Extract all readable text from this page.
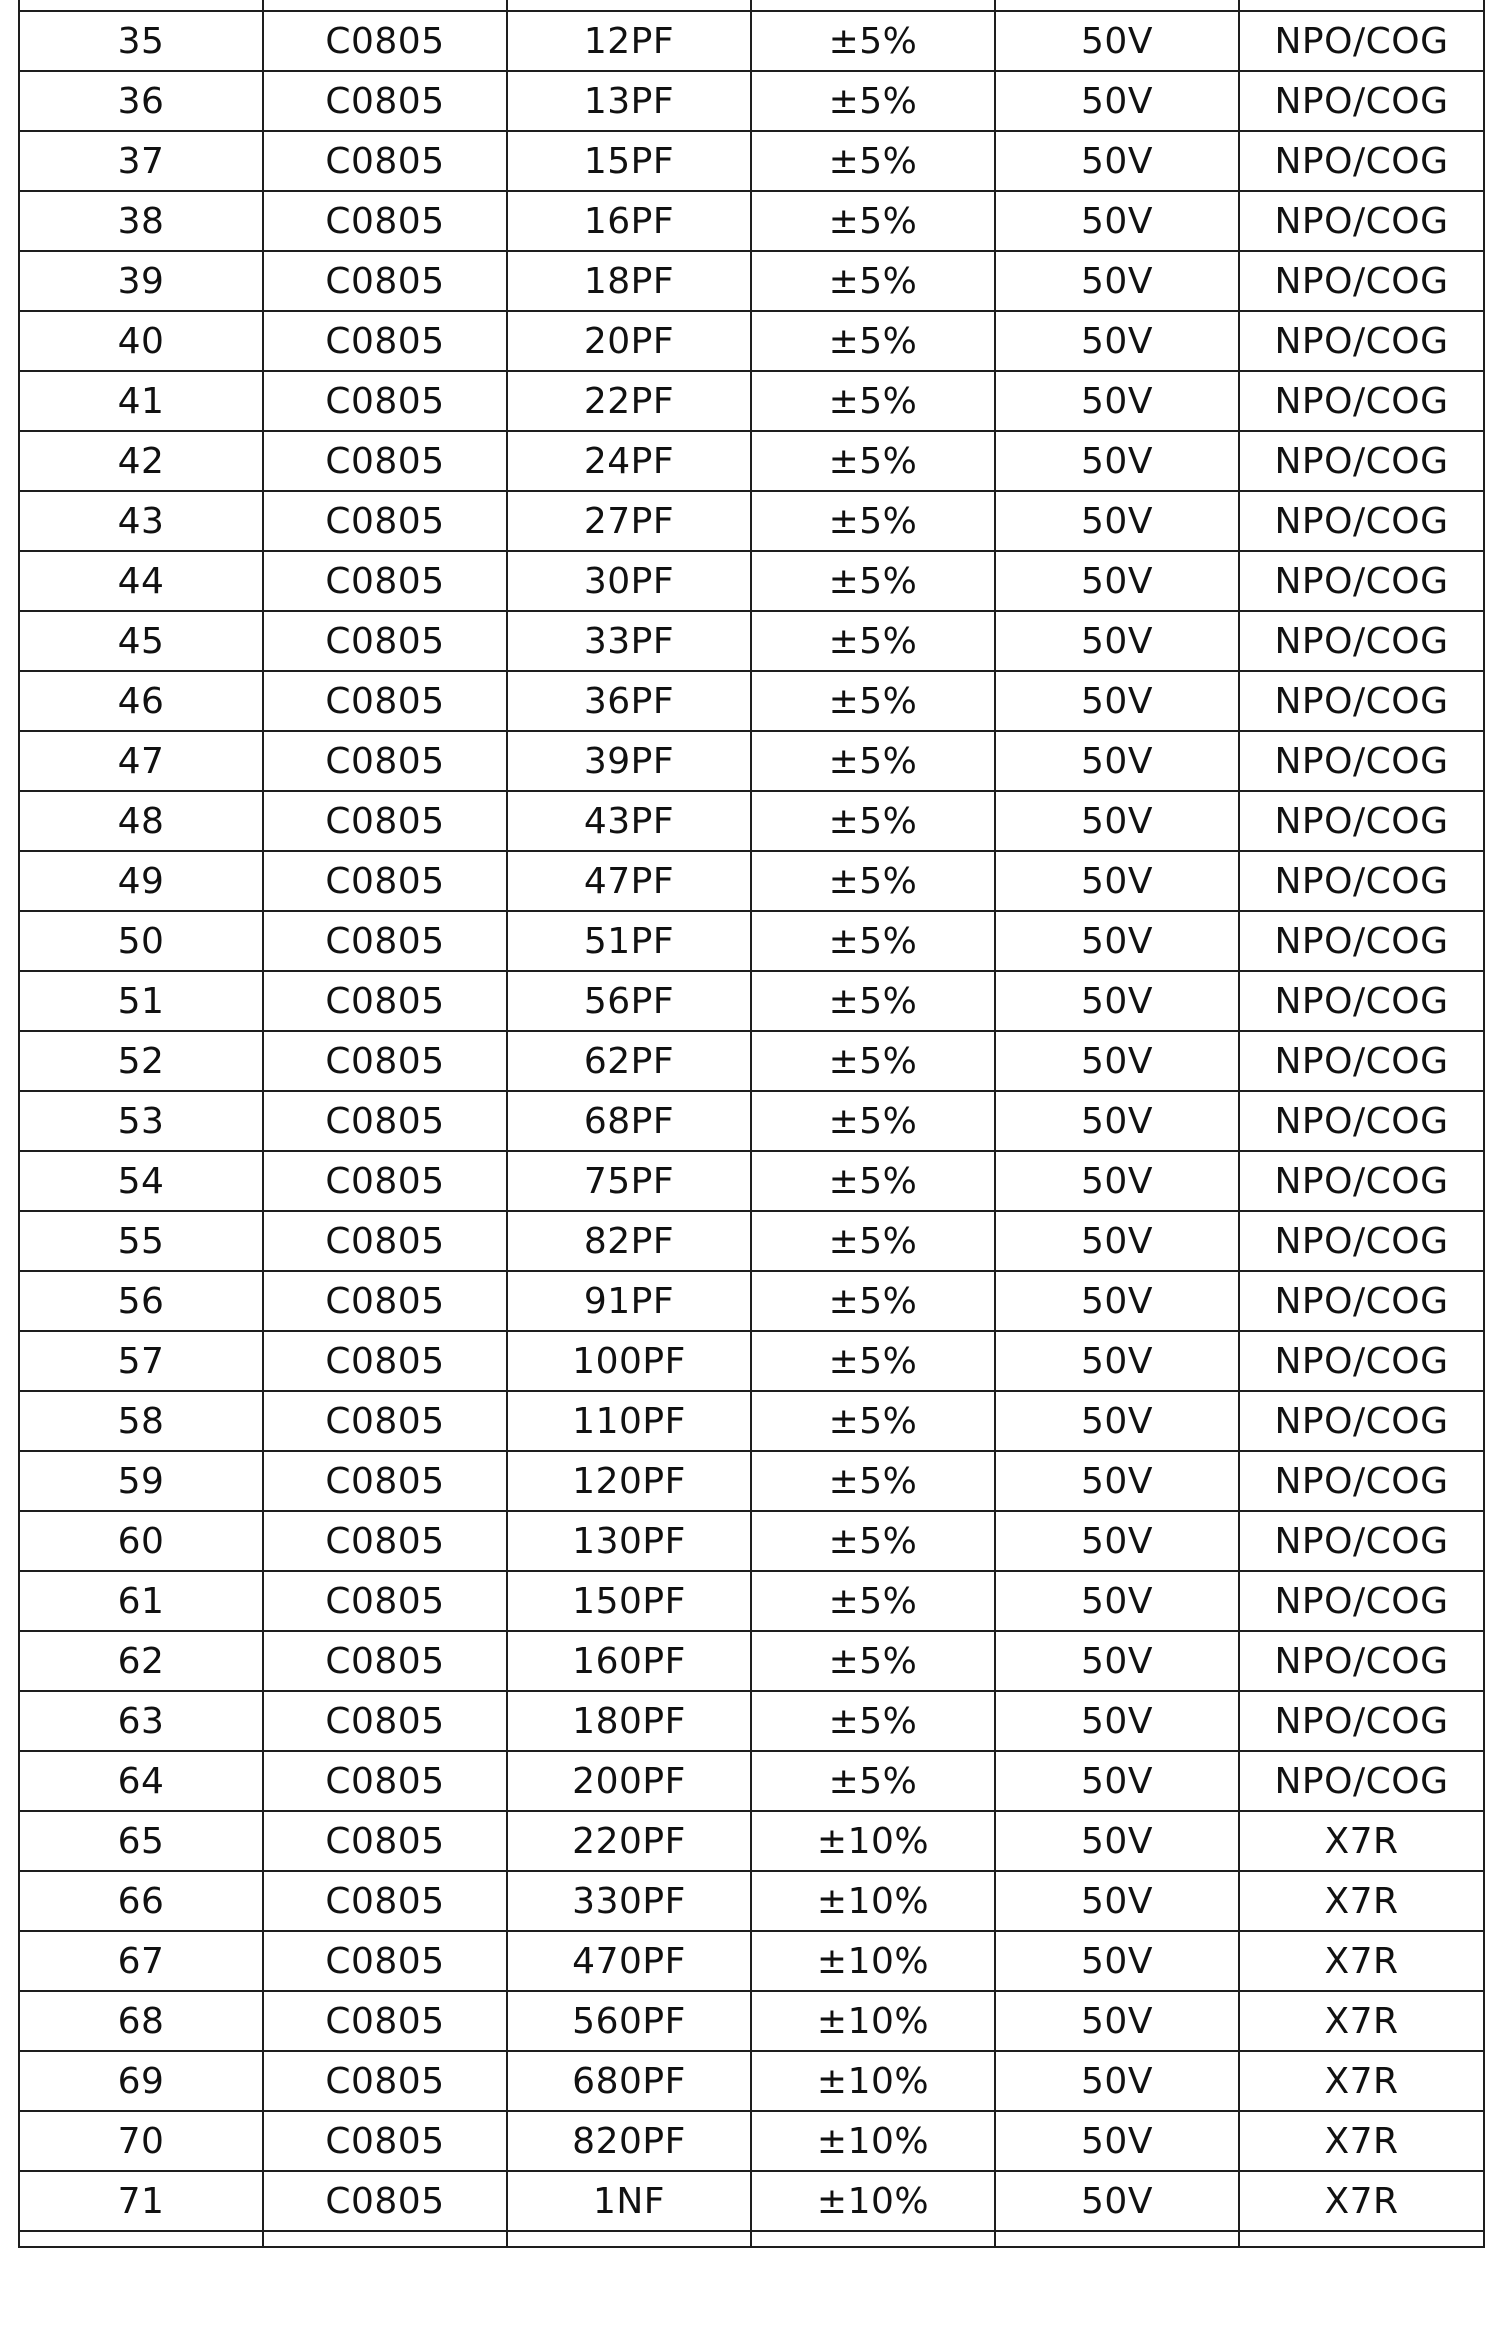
35	C0805	12PF	±5%	50V	NPO/COG
36	C0805	13PF	±5%	50V	NPO/COG
37	C0805	15PF	±5%	50V	NPO/COG
38	C0805	16PF	±5%	50V	NPO/COG
39	C0805	18PF	±5%	50V	NPO/COG
40	C0805	20PF	±5%	50V	NPO/COG
41	C0805	22PF	±5%	50V	NPO/COG
42	C0805	24PF	±5%	50V	NPO/COG
43	C0805	27PF	±5%	50V	NPO/COG
44	C0805	30PF	±5%	50V	NPO/COG
45	C0805	33PF	±5%	50V	NPO/COG
46	C0805	36PF	±5%	50V	NPO/COG
47	C0805	39PF	±5%	50V	NPO/COG
48	C0805	43PF	±5%	50V	NPO/COG
49	C0805	47PF	±5%	50V	NPO/COG
50	C0805	51PF	±5%	50V	NPO/COG
51	C0805	56PF	±5%	50V	NPO/COG
52	C0805	62PF	±5%	50V	NPO/COG
53	C0805	68PF	±5%	50V	NPO/COG
54	C0805	75PF	±5%	50V	NPO/COG
55	C0805	82PF	±5%	50V	NPO/COG
56	C0805	91PF	±5%	50V	NPO/COG
57	C0805	100PF	±5%	50V	NPO/COG
58	C0805	110PF	±5%	50V	NPO/COG
59	C0805	120PF	±5%	50V	NPO/COG
60	C0805	130PF	±5%	50V	NPO/COG
61	C0805	150PF	±5%	50V	NPO/COG
62	C0805	160PF	±5%	50V	NPO/COG
63	C0805	180PF	±5%	50V	NPO/COG
64	C0805	200PF	±5%	50V	NPO/COG
65	C0805	220PF	±10%	50V	X7R
66	C0805	330PF	±10%	50V	X7R
67	C0805	470PF	±10%	50V	X7R
68	C0805	560PF	±10%	50V	X7R
69	C0805	680PF	±10%	50V	X7R
70	C0805	820PF	±10%	50V	X7R
71	C0805	1NF	±10%	50V	X7R
